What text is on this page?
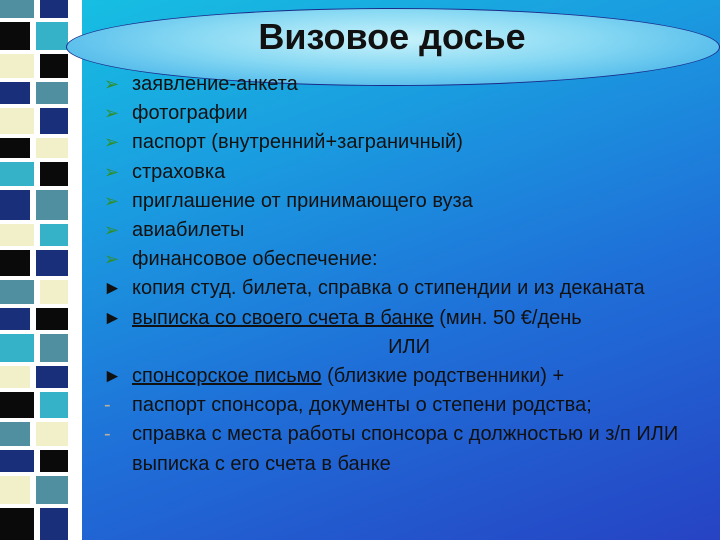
Визовое досье
➢ заявление-анкета
➢ фотографии
➢ паспорт (внутренний+заграничный)
➢ страховка
➢ приглашение от принимающего вуза
➢ авиабилеты
➢ финансовое обеспечение:
► копия студ. билета, справка о стипендии и из деканата
► выписка со своего счета в банке (мин. 50 €/день
ИЛИ
► спонсорское письмо (близкие родственники) +
-	паспорт спонсора, документы о степени родства;
-	справка с места работы спонсора с должностью и з/п ИЛИ выписка с его счета в банке
